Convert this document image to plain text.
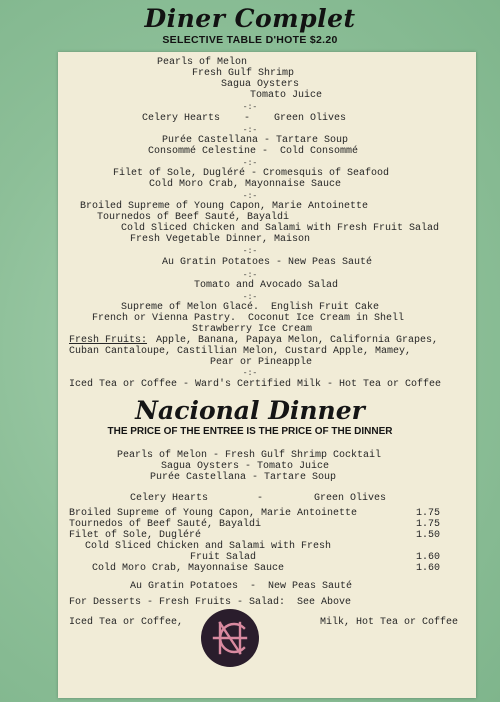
Diner Complet
SELECTIVE TABLE D'HOTE $2.20
Pearls of Melon
Fresh Gulf Shrimp
Sagua Oysters
Tomato Juice
-:-
Celery Hearts    -    Green Olives
-:-
Purée Castellana - Tartare Soup
Consommé Celestine -  Cold Consommé
-:-
Filet of Sole, Dugléré - Cromesquis of Seafood
Cold Moro Crab, Mayonnaise Sauce
-:-
Broiled Supreme of Young Capon, Marie Antoinette
Tournedos of Beef Sauté, Bayaldi
Cold Sliced Chicken and Salami with Fresh Fruit Salad
Fresh Vegetable Dinner, Maison
-:-
Au Gratin Potatoes - New Peas Sauté
-:-
Tomato and Avocado Salad
-:-
Supreme of Melon Glacé.  English Fruit Cake
French or Vienna Pastry.  Coconut Ice Cream in Shell
Strawberry Ice Cream
Fresh Fruits: Apple, Banana, Papaya Melon, California Grapes,
Cuban Cantaloupe, Castillian Melon, Custard Apple, Mamey,
Pear or Pineapple
-:-
Iced Tea or Coffee - Ward's Certified Milk - Hot Tea or Coffee
Nacional Dinner
THE PRICE OF THE ENTREE IS THE PRICE OF THE DINNER
Pearls of Melon - Fresh Gulf Shrimp Cocktail
Sagua Oysters - Tomato Juice
Purée Castellana - Tartare Soup
Celery Hearts	-	Green Olives
Broiled Supreme of Young Capon, Marie Antoinette	1.75
Tournedos of Beef Sauté, Bayaldi	1.75
Filet of Sole, Dugléré	1.50
Cold Sliced Chicken and Salami with Fresh
Fruit Salad	1.60
Cold Moro Crab, Mayonnaise Sauce	1.60
Au Gratin Potatoes  -  New Peas Sauté
For Desserts - Fresh Fruits - Salad:  See Above
Iced Tea or Coffee,	Milk, Hot Tea or Coffee
